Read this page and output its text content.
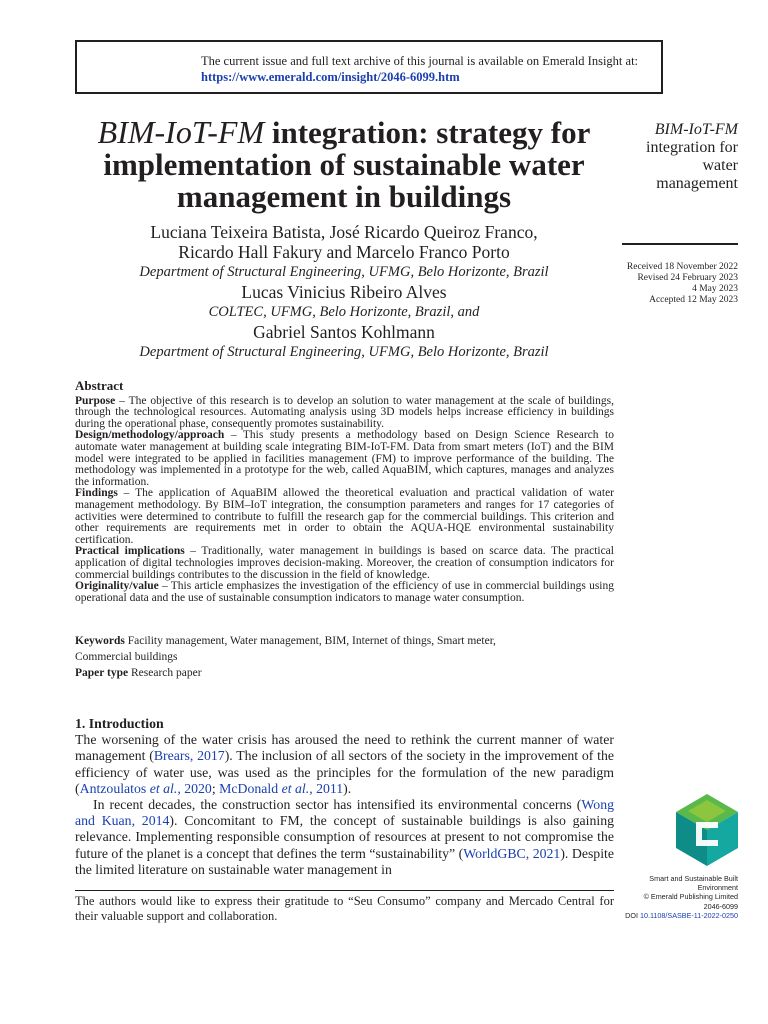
The current issue and full text archive of this journal is available on Emerald Insight at:
https://www.emerald.com/insight/2046-6099.htm
BIM-IoT-FM integration: strategy for implementation of sustainable water management in buildings
Luciana Teixeira Batista, José Ricardo Queiroz Franco,
Ricardo Hall Fakury and Marcelo Franco Porto
Department of Structural Engineering, UFMG, Belo Horizonte, Brazil
Lucas Vinicius Ribeiro Alves
COLTEC, UFMG, Belo Horizonte, Brazil, and
Gabriel Santos Kohlmann
Department of Structural Engineering, UFMG, Belo Horizonte, Brazil
BIM-IoT-FM
integration for
water
management
Received 18 November 2022
Revised 24 February 2023
4 May 2023
Accepted 12 May 2023
Abstract

Purpose – The objective of this research is to develop an solution to water management at the scale of buildings, through the technological resources. Automating analysis using 3D models helps increase efficiency in buildings during the operational phase, consequently promotes sustainability.

Design/methodology/approach – This study presents a methodology based on Design Science Research to automate water management at building scale integrating BIM-IoT-FM. Data from smart meters (IoT) and the BIM model were integrated to be applied in facilities management (FM) to improve performance of the building. The methodology was implemented in a prototype for the web, called AquaBIM, which captures, manages and analyzes the information.

Findings – The application of AquaBIM allowed the theoretical evaluation and practical validation of water management methodology. By BIM–IoT integration, the consumption parameters and ranges for 17 categories of activities were determined to contribute to fulfill the research gap for the commercial buildings. This criterion and other requirements are requirements met in order to obtain the AQUA-HQE environmental sustainability certification.

Practical implications – Traditionally, water management in buildings is based on scarce data. The practical application of digital technologies improves decision-making. Moreover, the creation of consumption indicators for commercial buildings contributes to the discussion in the field of knowledge.

Originality/value – This article emphasizes the investigation of the efficiency of use in commercial buildings using operational data and the use of sustainable consumption indicators to manage water consumption.

Keywords Facility management, Water management, BIM, Internet of things, Smart meter,
Commercial buildings
Paper type Research paper
1. Introduction

The worsening of the water crisis has aroused the need to rethink the current manner of water management (Brears, 2017). The inclusion of all sectors of the society in the improvement of the efficiency of water use, was used as the principles for the formulation of the new paradigm (Antzoulatos et al., 2020; McDonald et al., 2011).

In recent decades, the construction sector has intensified its environmental concerns (Wong and Kuan, 2014). Concomitant to FM, the concept of sustainable buildings is also gaining relevance. Implementing responsible consumption of resources at present to not compromise the future of the planet is a concept that defines the term “sustainability” (WorldGBC, 2021). Despite the limited literature on sustainable water management in

The authors would like to express their gratitude to “Seu Consumo” company and Mercado Central for their valuable support and collaboration.
Smart and Sustainable Built
Environment
© Emerald Publishing Limited
2046-6099
DOI 10.1108/SASBE-11-2022-0250
